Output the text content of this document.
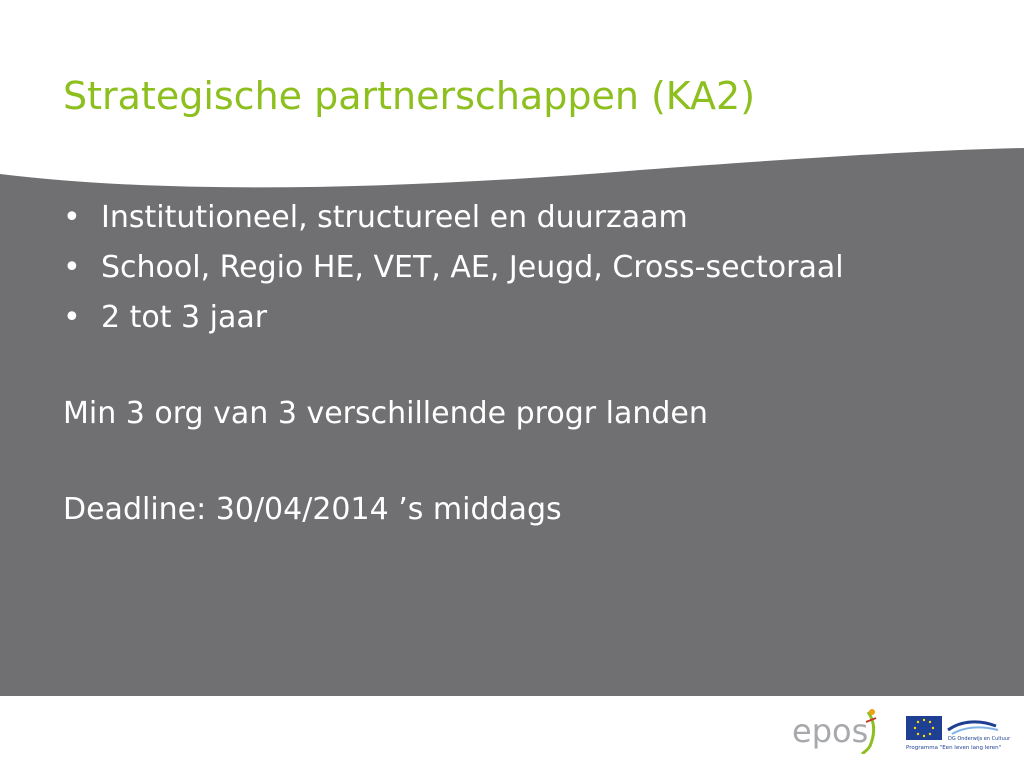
Strategische partnerschappen (KA2)
• Institutioneel, structureel en duurzaam
• School, Regio HE, VET, AE, Jeugd, Cross-sectoraal
• 2 tot 3 jaar

Min 3 org van 3 verschillende progr landen

Deadline: 30/04/2014 ’s middags

epos	DG Onderwijs en Cultuur
Programma "Een leven lang leren"
